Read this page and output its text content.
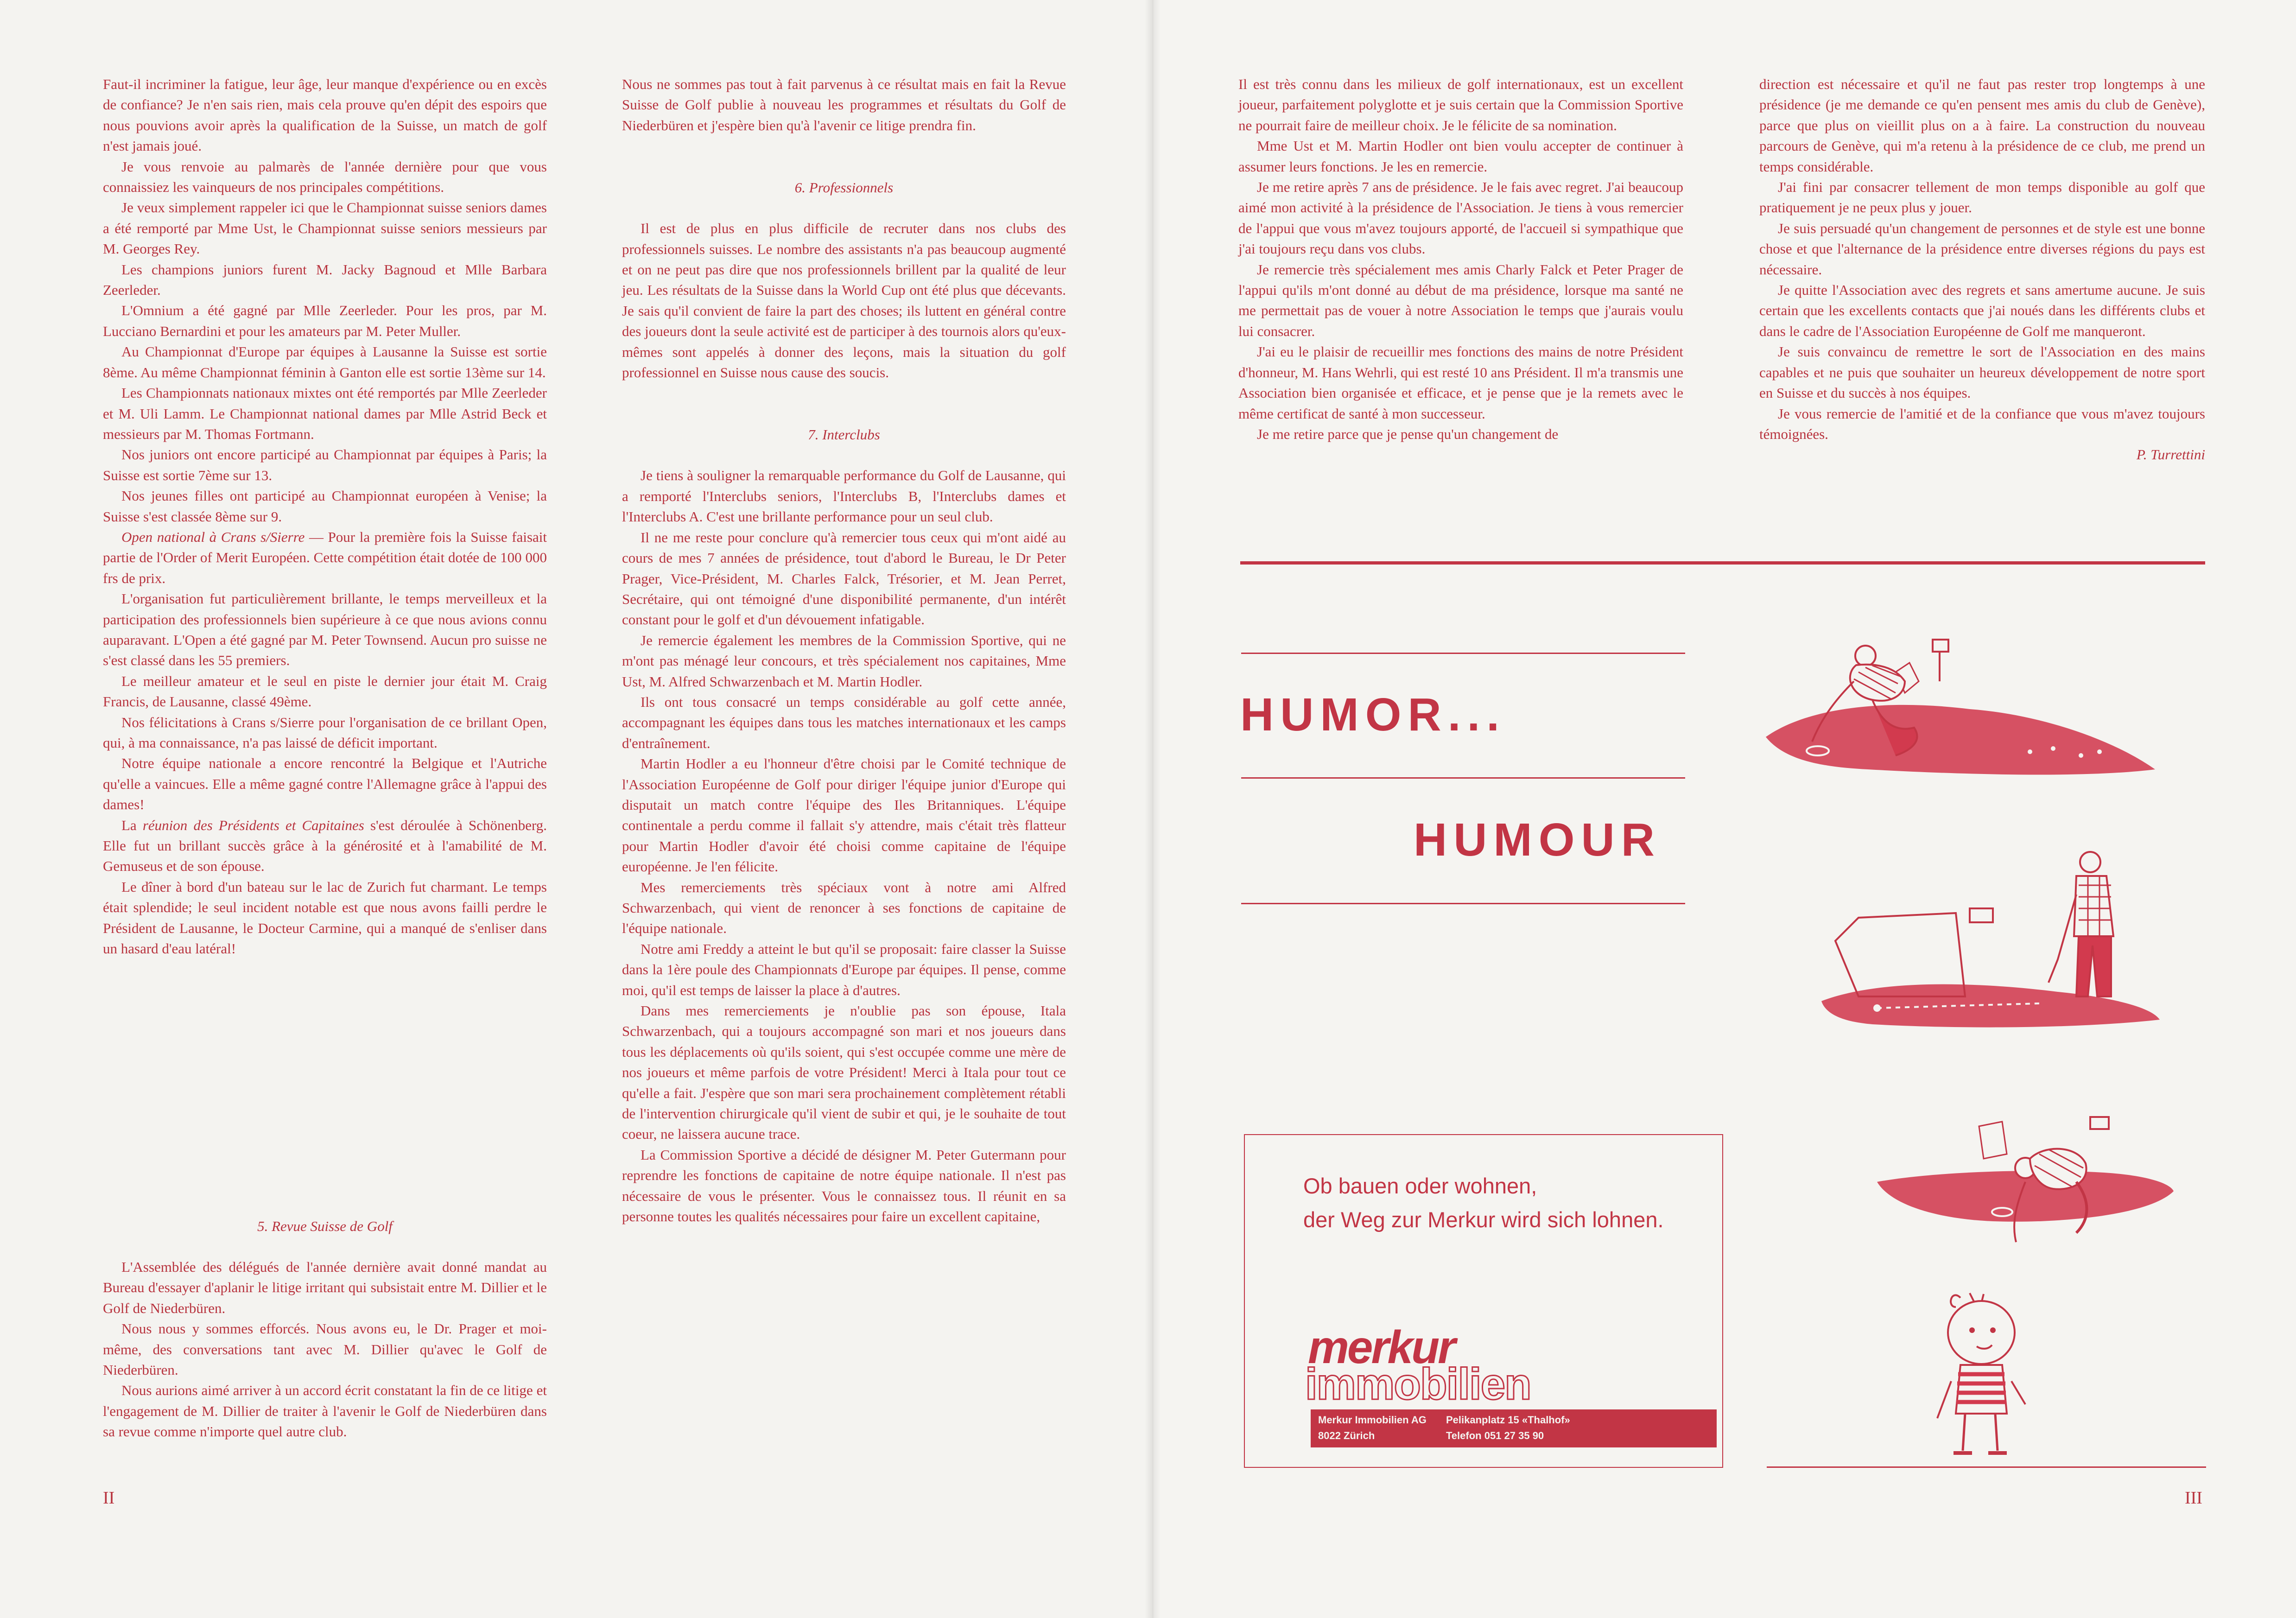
Faut-il incriminer la fatigue, leur âge, leur manque d'expérience ou en excès de confiance? Je n'en sais rien, mais cela prouve qu'en dépit des espoirs que nous pouvions avoir après la qualification de la Suisse, un match de golf n'est jamais joué.

Je vous renvoie au palmarès de l'année dernière pour que vous connaissiez les vainqueurs de nos principales compétitions.

Je veux simplement rappeler ici que le Championnat suisse seniors dames a été remporté par Mme Ust, le Championnat suisse seniors messieurs par M. Georges Rey.

Les champions juniors furent M. Jacky Bagnoud et Mlle Barbara Zeerleder.

L'Omnium a été gagné par Mlle Zeerleder. Pour les pros, par M. Lucciano Bernardini et pour les amateurs par M. Peter Muller.

Au Championnat d'Europe par équipes à Lausanne la Suisse est sortie 8ème. Au même Championnat féminin à Ganton elle est sortie 13ème sur 14.

Les Championnats nationaux mixtes ont été remportés par Mlle Zeerleder et M. Uli Lamm. Le Championnat national dames par Mlle Astrid Beck et messieurs par M. Thomas Fortmann.

Nos juniors ont encore participé au Championnat par équipes à Paris; la Suisse est sortie 7ème sur 13.

Nos jeunes filles ont participé au Championnat européen à Venise; la Suisse s'est classée 8ème sur 9.

Open national à Crans s/Sierre — Pour la première fois la Suisse faisait partie de l'Order of Merit Européen. Cette compétition était dotée de 100 000 frs de prix.

L'organisation fut particulièrement brillante, le temps merveilleux et la participation des professionnels bien supérieure à ce que nous avions connu auparavant. L'Open a été gagné par M. Peter Townsend. Aucun pro suisse ne s'est classé dans les 55 premiers.

Le meilleur amateur et le seul en piste le dernier jour était M. Craig Francis, de Lausanne, classé 49ème.

Nos félicitations à Crans s/Sierre pour l'organisation de ce brillant Open, qui, à ma connaissance, n'a pas laissé de déficit important.

Notre équipe nationale a encore rencontré la Belgique et l'Autriche qu'elle a vaincues. Elle a même gagné contre l'Allemagne grâce à l'appui des dames!

La réunion des Présidents et Capitaines s'est déroulée à Schönenberg. Elle fut un brillant succès grâce à la générosité et à l'amabilité de M. Gemuseus et de son épouse.

Le dîner à bord d'un bateau sur le lac de Zurich fut charmant. Le temps était splendide; le seul incident notable est que nous avons failli perdre le Président de Lausanne, le Docteur Carmine, qui a manqué de s'enliser dans un hasard d'eau latéral!

5. Revue Suisse de Golf

L'Assemblée des délégués de l'année dernière avait donné mandat au Bureau d'essayer d'aplanir le litige irritant qui subsistait entre M. Dillier et le Golf de Niederbüren.

Nous nous y sommes efforcés. Nous avons eu, le Dr. Prager et moi-même, des conversations tant avec M. Dillier qu'avec le Golf de Niederbüren.

Nous aurions aimé arriver à un accord écrit constatant la fin de ce litige et l'engagement de M. Dillier de traiter à l'avenir le Golf de Niederbüren dans sa revue comme n'importe quel autre club.

Nous ne sommes pas tout à fait parvenus à ce résultat mais en fait la Revue Suisse de Golf publie à nouveau les programmes et résultats du Golf de Niederbüren et j'espère bien qu'à l'avenir ce litige prendra fin.

6. Professionnels

Il est de plus en plus difficile de recruter dans nos clubs des professionnels suisses. Le nombre des assistants n'a pas beaucoup augmenté et on ne peut pas dire que nos professionnels brillent par la qualité de leur jeu. Les résultats de la Suisse dans la World Cup ont été plus que décevants. Je sais qu'il convient de faire la part des choses; ils luttent en général contre des joueurs dont la seule activité est de participer à des tournois alors qu'eux-mêmes sont appelés à donner des leçons, mais la situation du golf professionnel en Suisse nous cause des soucis.

7. Interclubs

Je tiens à souligner la remarquable performance du Golf de Lausanne, qui a remporté l'Interclubs seniors, l'Interclubs B, l'Interclubs dames et l'Interclubs A. C'est une brillante performance pour un seul club.

Il ne me reste pour conclure qu'à remercier tous ceux qui m'ont aidé au cours de mes 7 années de présidence, tout d'abord le Bureau, le Dr Peter Prager, Vice-Président, M. Charles Falck, Trésorier, et M. Jean Perret, Secrétaire, qui ont témoigné d'une disponibilité permanente, d'un intérêt constant pour le golf et d'un dévouement infatigable.

Je remercie également les membres de la Commission Sportive, qui ne m'ont pas ménagé leur concours, et très spécialement nos capitaines, Mme Ust, M. Alfred Schwarzenbach et M. Martin Hodler.

Ils ont tous consacré un temps considérable au golf cette année, accompagnant les équipes dans tous les matches internationaux et les camps d'entraînement.

Martin Hodler a eu l'honneur d'être choisi par le Comité technique de l'Association Européenne de Golf pour diriger l'équipe junior d'Europe qui disputait un match contre l'équipe des Iles Britanniques. L'équipe continentale a perdu comme il fallait s'y attendre, mais c'était très flatteur pour Martin Hodler d'avoir été choisi comme capitaine de l'équipe européenne. Je l'en félicite.

Mes remerciements très spéciaux vont à notre ami Alfred Schwarzenbach, qui vient de renoncer à ses fonctions de capitaine de l'équipe nationale.

Notre ami Freddy a atteint le but qu'il se proposait: faire classer la Suisse dans la 1ère poule des Championnats d'Europe par équipes. Il pense, comme moi, qu'il est temps de laisser la place à d'autres.

Dans mes remerciements je n'oublie pas son épouse, Itala Schwarzenbach, qui a toujours accompagné son mari et nos joueurs dans tous les déplacements où qu'ils soient, qui s'est occupée comme une mère de nos joueurs et même parfois de votre Président! Merci à Itala pour tout ce qu'elle a fait. J'espère que son mari sera prochainement complètement rétabli de l'intervention chirurgicale qu'il vient de subir et qui, je le souhaite de tout coeur, ne laissera aucune trace.

La Commission Sportive a décidé de désigner M. Peter Gutermann pour reprendre les fonctions de capitaine de notre équipe nationale. Il n'est pas nécessaire de vous le présenter. Vous le connaissez tous. Il réunit en sa personne toutes les qualités nécessaires pour faire un excellent capitaine,

II

Il est très connu dans les milieux de golf internationaux, est un excellent joueur, parfaitement polyglotte et je suis certain que la Commission Sportive ne pourrait faire de meilleur choix. Je le félicite de sa nomination.

Mme Ust et M. Martin Hodler ont bien voulu accepter de continuer à assumer leurs fonctions. Je les en remercie.

Je me retire après 7 ans de présidence. Je le fais avec regret. J'ai beaucoup aimé mon activité à la présidence de l'Association. Je tiens à vous remercier de l'appui que vous m'avez toujours apporté, de l'accueil si sympathique que j'ai toujours reçu dans vos clubs.

Je remercie très spécialement mes amis Charly Falck et Peter Prager de l'appui qu'ils m'ont donné au début de ma présidence, lorsque ma santé ne me permettait pas de vouer à notre Association le temps que j'aurais voulu lui consacrer.

J'ai eu le plaisir de recueillir mes fonctions des mains de notre Président d'honneur, M. Hans Wehrli, qui est resté 10 ans Président. Il m'a transmis une Association bien organisée et efficace, et je pense que je la remets avec le même certificat de santé à mon successeur.

Je me retire parce que je pense qu'un changement de

direction est nécessaire et qu'il ne faut pas rester trop longtemps à une présidence (je me demande ce qu'en pensent mes amis du club de Genève), parce que plus on vieillit plus on a à faire. La construction du nouveau parcours de Genève, qui m'a retenu à la présidence de ce club, me prend un temps considérable.

J'ai fini par consacrer tellement de mon temps disponible au golf que pratiquement je ne peux plus y jouer.

Je suis persuadé qu'un changement de personnes et de style est une bonne chose et que l'alternance de la présidence entre diverses régions du pays est nécessaire.

Je quitte l'Association avec des regrets et sans amertume aucune. Je suis certain que les excellents contacts que j'ai noués dans les différents clubs et dans le cadre de l'Association Européenne de Golf me manqueront.

Je suis convaincu de remettre le sort de l'Association en des mains capables et ne puis que souhaiter un heureux développement de notre sport en Suisse et du succès à nos équipes.

Je vous remercie de l'amitié et de la confiance que vous m'avez toujours témoignées.

P. Turrettini

HUMOR...
HUMOUR
Ob bauen oder wohnen,
der Weg zur Merkur wird sich lohnen.
merkur
immobilien
Merkur Immobilien AG
8022 Zürich
Pelikanplatz 15 «Thalhof»
Telefon 051 27 35 90
III
